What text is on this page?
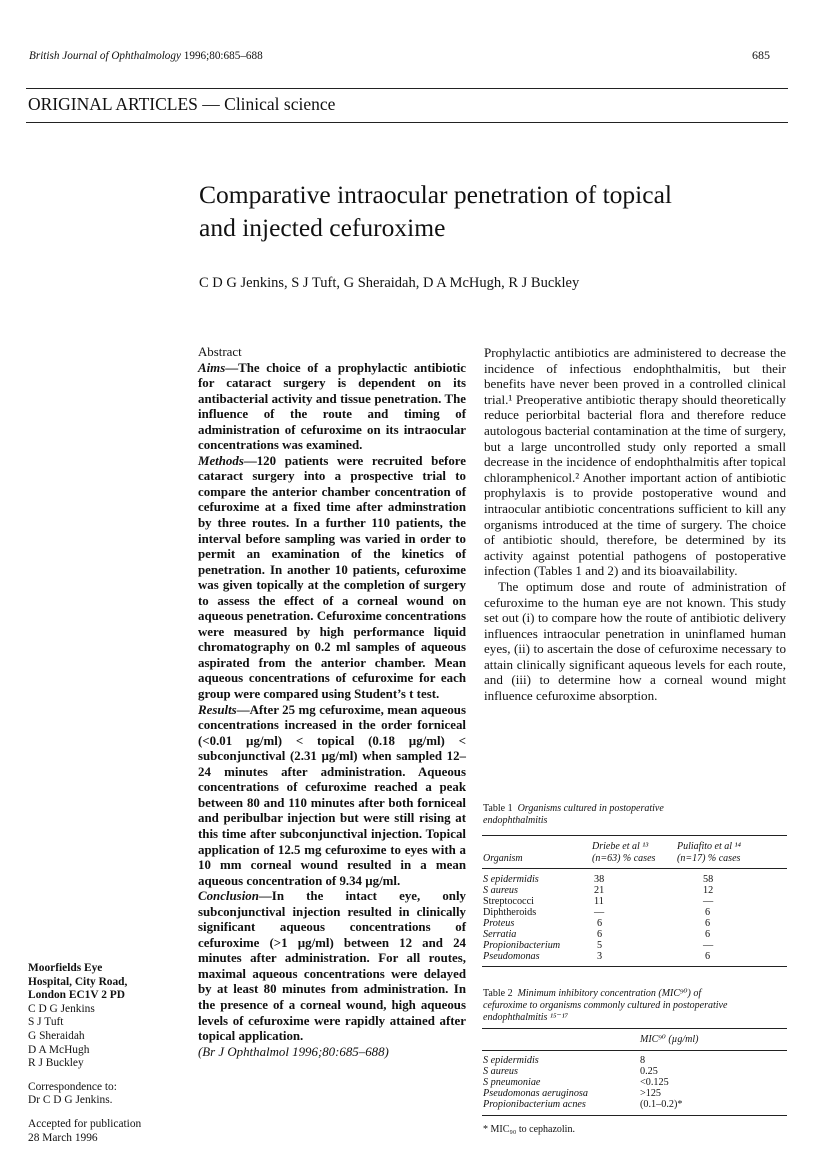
British Journal of Ophthalmology 1996;80:685–688	685
ORIGINAL ARTICLES — Clinical science
Comparative intraocular penetration of topical
and injected cefuroxime
C D G Jenkins, S J Tuft, G Sheraidah, D A McHugh, R J Buckley
Abstract

Aims—The choice of a prophylactic antibiotic for cataract surgery is dependent on its antibacterial activity and tissue penetration. The influence of the route and timing of administration of cefuroxime on its intraocular concentrations was examined.

Methods—120 patients were recruited before cataract surgery into a prospective trial to compare the anterior chamber concentration of cefuroxime at a fixed time after adminstration by three routes. In a further 110 patients, the interval before sampling was varied in order to permit an examination of the kinetics of penetration. In another 10 patients, cefuroxime was given topically at the completion of surgery to assess the effect of a corneal wound on aqueous penetration. Cefuroxime concentrations were measured by high performance liquid chromatography on 0.2 ml samples of aqueous aspirated from the anterior chamber. Mean aqueous concentrations of cefuroxime for each group were compared using Student’s t test.

Results—After 25 mg cefuroxime, mean aqueous concentrations increased in the order forniceal (<0.01 µg/ml) < topical (0.18 µg/ml) < subconjunctival (2.31 µg/ml) when sampled 12–24 minutes after administration. Aqueous concentrations of cefuroxime reached a peak between 80 and 110 minutes after both forniceal and peribulbar injection but were still rising at this time after subconjunctival injection. Topical application of 12.5 mg cefuroxime to eyes with a 10 mm corneal wound resulted in a mean aqueous concentration of 9.34 µg/ml.

Conclusion—In the intact eye, only subconjunctival injection resulted in clinically significant aqueous concentrations of cefuroxime (>1 µg/ml) between 12 and 24 minutes after administration. For all routes, maximal aqueous concentrations were delayed by at least 80 minutes from administration. In the presence of a corneal wound, high aqueous levels of cefuroxime were rapidly attained after topical application.

(Br J Ophthalmol 1996;80:685–688)
Moorfields Eye
Hospital, City Road,
London EC1V 2 PD
C D G Jenkins
S J Tuft
G Sheraidah
D A McHugh
R J Buckley
Correspondence to:
Dr C D G Jenkins.
Accepted for publication
28 March 1996

Prophylactic antibiotics are administered to decrease the incidence of infectious endophthalmitis, but their benefits have never been proved in a controlled clinical trial.¹ Preoperative antibiotic therapy should theoretically reduce periorbital bacterial flora and therefore reduce autologous bacterial contamination at the time of surgery, but a large uncontrolled study only reported a small decrease in the incidence of endophthalmitis after topical chloramphenicol.² Another important action of antibiotic prophylaxis is to provide postoperative wound and intraocular antibiotic concentrations sufficient to kill any organisms introduced at the time of surgery. The choice of antibiotic should, therefore, be determined by its activity against potential pathogens of postoperative infection (Tables 1 and 2) and its bioavailability.

The optimum dose and route of administration of cefuroxime to the human eye are not known. This study set out (i) to compare how the route of antibiotic delivery influences intraocular penetration in uninflamed human eyes, (ii) to ascertain the dose of cefuroxime necessary to attain clinically significant aqueous levels for each route, and (iii) to determine how a corneal wound might influence cefuroxime absorption.

Table 1 Organisms cultured in postoperative
endophthalmitis
Organism
Driebe et al ¹³
(n=63) % cases
Puliafito et al ¹⁴
(n=17) % cases
S epidermidis	38	58
S aureus	21	12
Streptococci	11	—
Diphtheroids	—	6
Proteus	6	6
Serratia	6	6
Propionibacterium	5	—
Pseudomonas	3	6
Table 2 Minimum inhibitory concentration (MIC⁹⁰) of
cefuroxime to organisms commonly cultured in postoperative
endophthalmitis ¹⁵⁻¹⁷
MIC⁹⁰ (µg/ml)
S epidermidis	8
S aureus	0.25
S pneumoniae	<0.125
Pseudomonas aeruginosa	>125
Propionibacterium acnes	(0.1–0.2)*
* MIC₉₀ to cephazolin.
